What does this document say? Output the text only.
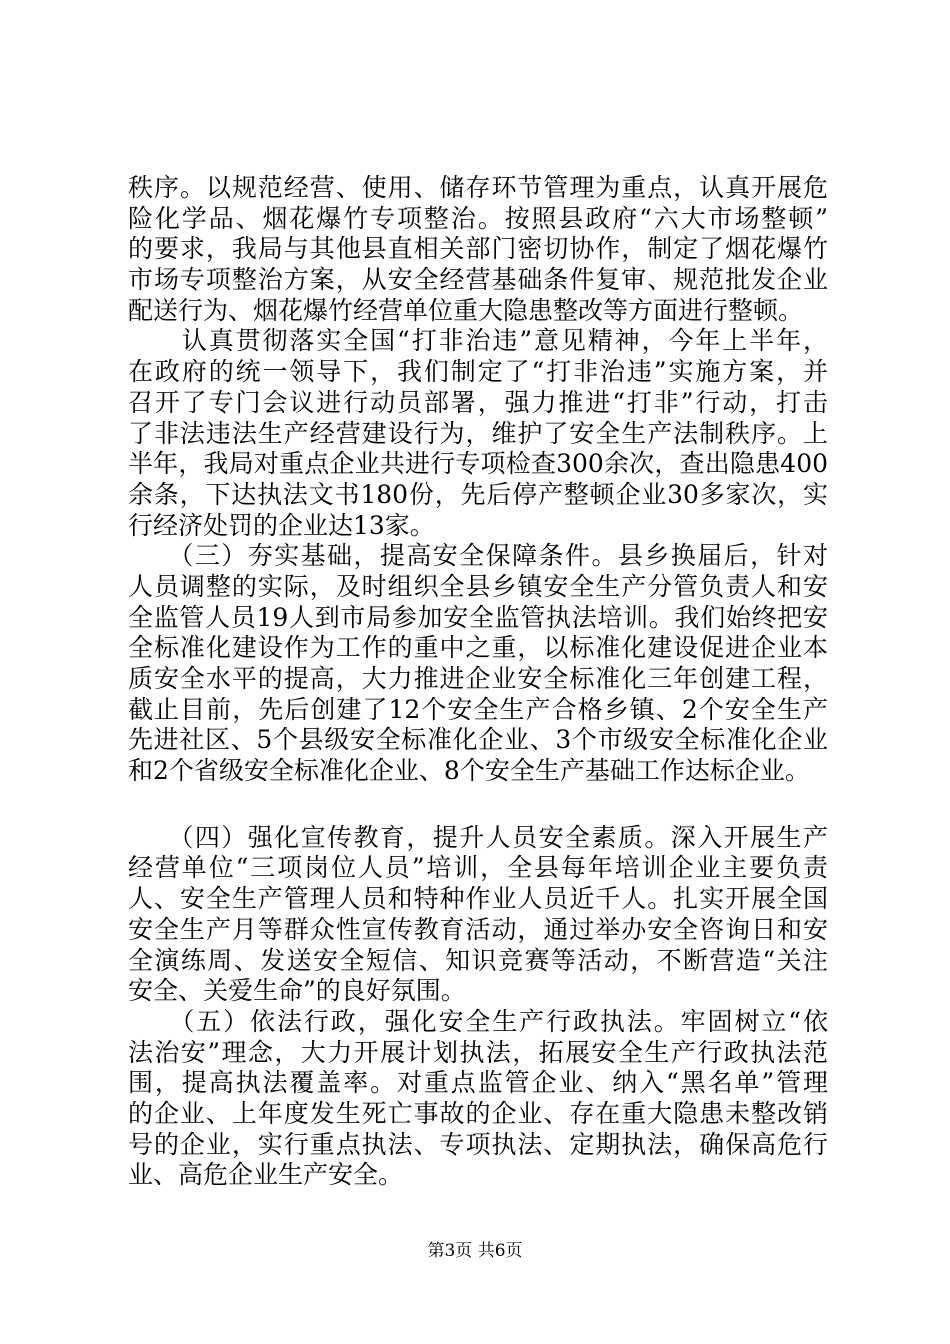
秩序。以规范经营、使用、储存环节管理为重点，认真开展危
险化学品、烟花爆竹专项整治。按照县政府“六大市场整顿”
的要求，我局与其他县直相关部门密切协作，制定了烟花爆竹
市场专项整治方案，从安全经营基础条件复审、规范批发企业
配送行为、烟花爆竹经营单位重大隐患整改等方面进行整顿。
　　认真贯彻落实全国“打非治违”意见精神，今年上半年，
在政府的统一领导下，我们制定了“打非治违”实施方案，并
召开了专门会议进行动员部署，强力推进“打非”行动，打击
了非法违法生产经营建设行为，维护了安全生产法制秩序。上
半年，我局对重点企业共进行专项检查300余次，查出隐患400
余条，下达执法文书180份，先后停产整顿企业30多家次，实
行经济处罚的企业达13家。
　　（三）夯实基础，提高安全保障条件。县乡换届后，针对
人员调整的实际，及时组织全县乡镇安全生产分管负责人和安
全监管人员19人到市局参加安全监管执法培训。我们始终把安
全标准化建设作为工作的重中之重，以标准化建设促进企业本
质安全水平的提高，大力推进企业安全标准化三年创建工程，
截止目前，先后创建了12个安全生产合格乡镇、2个安全生产
先进社区、5个县级安全标准化企业、3个市级安全标准化企业
和2个省级安全标准化企业、8个安全生产基础工作达标企业。
　　（四）强化宣传教育，提升人员安全素质。深入开展生产
经营单位“三项岗位人员”培训，全县每年培训企业主要负责
人、安全生产管理人员和特种作业人员近千人。扎实开展全国
安全生产月等群众性宣传教育活动，通过举办安全咨询日和安
全演练周、发送安全短信、知识竞赛等活动，不断营造“关注
安全、关爱生命”的良好氛围。
　　（五）依法行政，强化安全生产行政执法。牢固树立“依
法治安”理念，大力开展计划执法，拓展安全生产行政执法范
围，提高执法覆盖率。对重点监管企业、纳入“黑名单”管理
的企业、上年度发生死亡事故的企业、存在重大隐患未整改销
号的企业，实行重点执法、专项执法、定期执法，确保高危行
业、高危企业生产安全。
第3页 共6页
